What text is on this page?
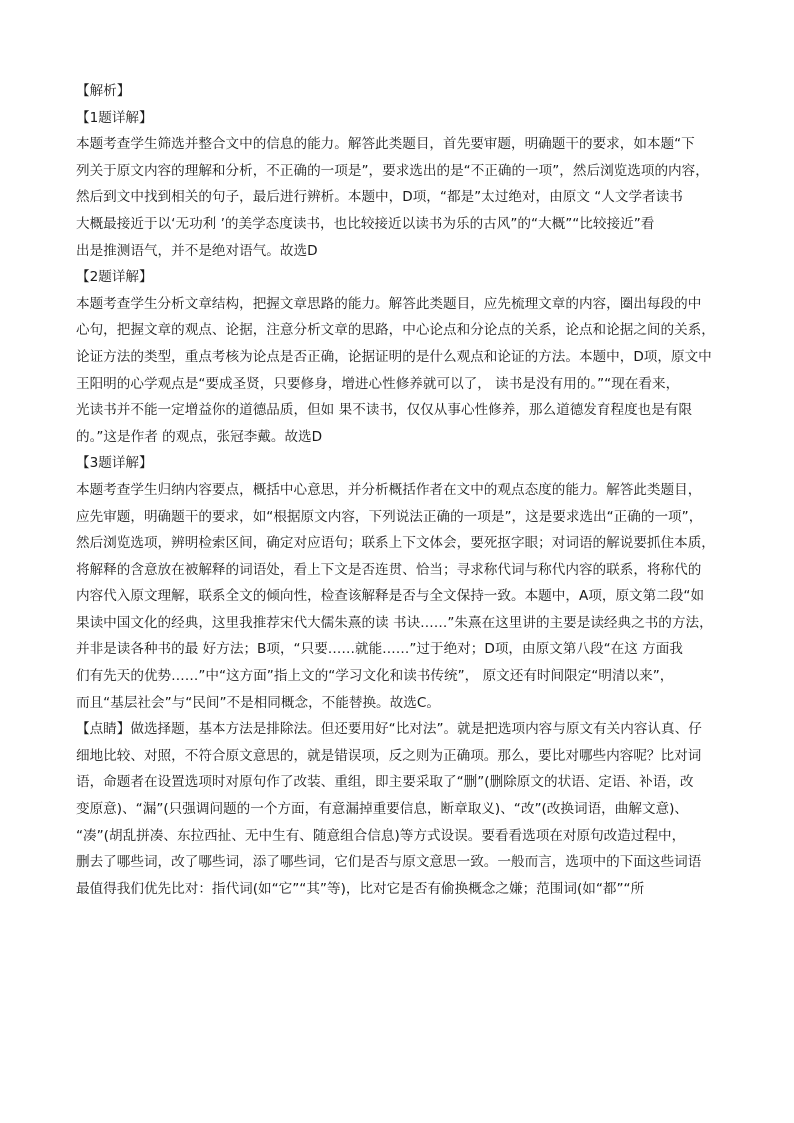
【解析】
【1题详解】
本题考查学生筛选并整合文中的信息的能力。解答此类题目，首先要审题，明确题干的要求，如本题“下
列关于原文内容的理解和分析，不正确的一项是”，要求选出的是“不正确的一项”，然后浏览选项的内容，
然后到文中找到相关的句子，最后进行辨析。本题中，D项，“都是”太过绝对，由原文 “人文学者读书
大概最接近于以‘无功利 ’的美学态度读书，也比较接近以读书为乐的古风”的“大概”“比较接近”看
出是推测语气，并不是绝对语气。故选D
【2题详解】
本题考查学生分析文章结构，把握文章思路的能力。解答此类题目，应先梳理文章的内容，圈出每段的中
心句，把握文章的观点、论据，注意分析文章的思路，中心论点和分论点的关系，论点和论据之间的关系，
论证方法的类型，重点考核为论点是否正确，论据证明的是什么观点和论证的方法。本题中，D项，原文中
王阳明的心学观点是“要成圣贤，只要修身，增进心性修养就可以了， 读书是没有用的。”“现在看来，
光读书并不能一定增益你的道德品质，但如 果不读书，仅仅从事心性修养，那么道德发育程度也是有限
的。”这是作者 的观点，张冠李戴。故选D
【3题详解】
本题考查学生归纳内容要点，概括中心意思，并分析概括作者在文中的观点态度的能力。解答此类题目，
应先审题，明确题干的要求，如“根据原文内容，下列说法正确的一项是”，这是要求选出“正确的一项”，
然后浏览选项，辨明检索区间，确定对应语句；联系上下文体会，要死抠字眼；对词语的解说要抓住本质，
将解释的含意放在被解释的词语处，看上下文是否连贯、恰当；寻求称代词与称代内容的联系，将称代的
内容代入原文理解，联系全文的倾向性，检查该解释是否与全文保持一致。本题中，A项，原文第二段“如
果读中国文化的经典，这里我推荐宋代大儒朱熹的读 书诀……”朱熹在这里讲的主要是读经典之书的方法，
并非是读各种书的最 好方法；B项，“只要……就能……”过于绝对；D项，由原文第八段“在这 方面我
们有先天的优势……”中“这方面”指上文的“学习文化和读书传统”， 原文还有时间限定“明清以来”，
而且“基层社会”与“民间”不是相同概念，不能替换。故选C。
【点睛】做选择题，基本方法是排除法。但还要用好“比对法”。就是把选项内容与原文有关内容认真、仔
细地比较、对照，不符合原文意思的，就是错误项，反之则为正确项。那么，要比对哪些内容呢？比对词
语，命题者在设置选项时对原句作了改装、重组，即主要采取了“删”(删除原文的状语、定语、补语，改
变原意)、“漏”(只强调问题的一个方面，有意漏掉重要信息，断章取义)、“改”(改换词语，曲解文意)、
“凑”(胡乱拼凑、东拉西扯、无中生有、随意组合信息)等方式设误。要看看选项在对原句改造过程中，
删去了哪些词，改了哪些词，添了哪些词，它们是否与原文意思一致。一般而言，选项中的下面这些词语
最值得我们优先比对：指代词(如“它”“其”等)，比对它是否有偷换概念之嫌；范围词(如“都”“所
